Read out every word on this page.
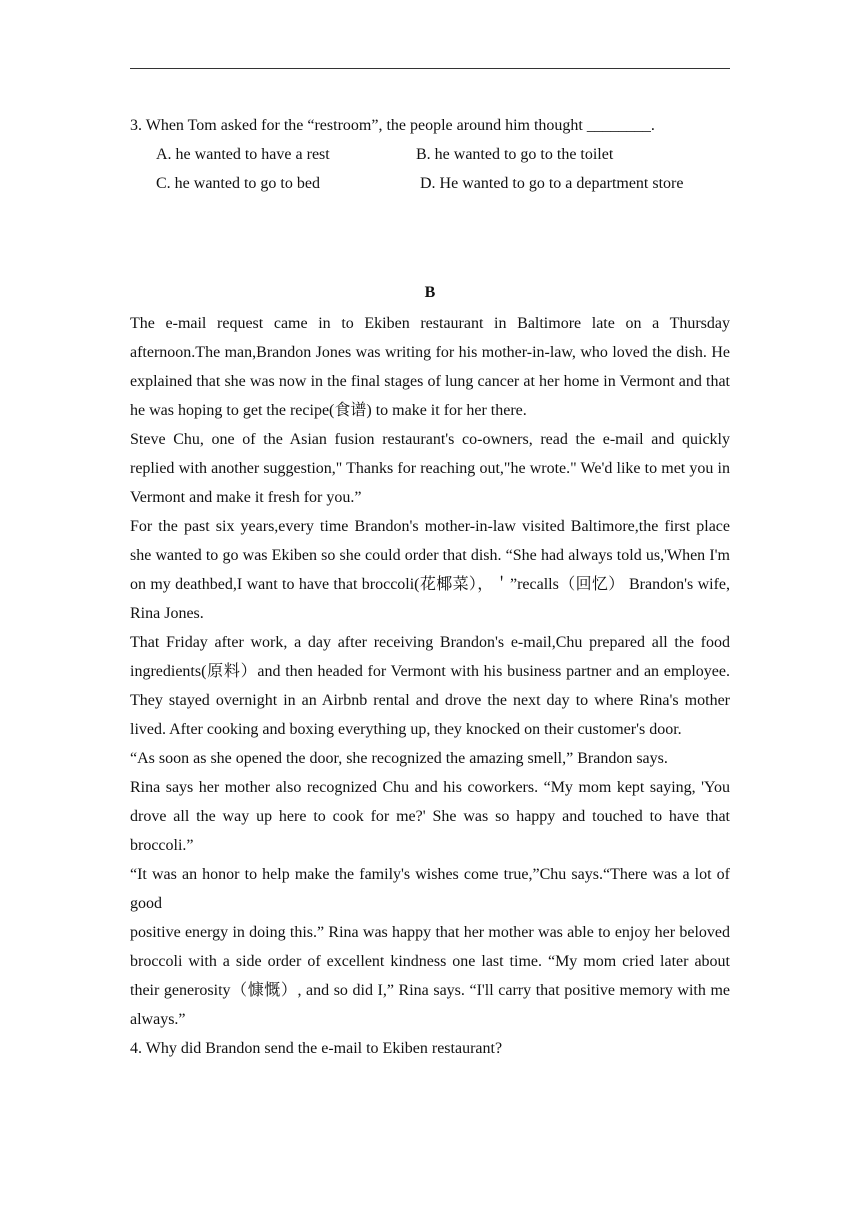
3. When Tom asked for the “restroom”, the people around him thought ________.

A. he wanted to have a rest	B. he wanted to go to the toilet
C. he wanted to go to bed	D. He wanted to go to a department store
B

The e-mail request came in to Ekiben restaurant in Baltimore late on a Thursday afternoon.The man,Brandon Jones was writing for his mother-in-law, who loved the dish. He explained that she was now in the final stages of lung cancer at her home in Vermont and that he was hoping to get the recipe(食谱) to make it for her there.

Steve Chu, one of the Asian fusion restaurant's co-owners, read the e-mail and quickly replied with another suggestion," Thanks for reaching out,"he wrote." We'd like to met you in Vermont and make it fresh for you.”

For the past six years,every time Brandon's mother-in-law visited Baltimore,the first place she wanted to go was Ekiben so she could order that dish. “She had always told us,'When I'm on my deathbed,I want to have that broccoli(花椰菜），＇”recalls（回忆） Brandon's wife, Rina Jones.

That Friday after work, a day after receiving Brandon's e-mail,Chu prepared all the food ingredients(原料）and then headed for Vermont with his business partner and an employee. They stayed overnight in an Airbnb rental and drove the next day to where Rina's mother lived. After cooking and boxing everything up, they knocked on their customer's door.

“As soon as she opened the door, she recognized the amazing smell,” Brandon says.

Rina says her mother also recognized Chu and his coworkers. “My mom kept saying, 'You drove all the way up here to cook for me?' She was so happy and touched to have that broccoli.”

“It was an honor to help make the family's wishes come true,”Chu says.“There was a lot of good

positive energy in doing this.” Rina was happy that her mother was able to enjoy her beloved broccoli with a side order of excellent kindness one last time. “My mom cried later about their generosity（慷慨）, and so did I,” Rina says. “I'll carry that positive memory with me always.”

4. Why did Brandon send the e-mail to Ekiben restaurant?
